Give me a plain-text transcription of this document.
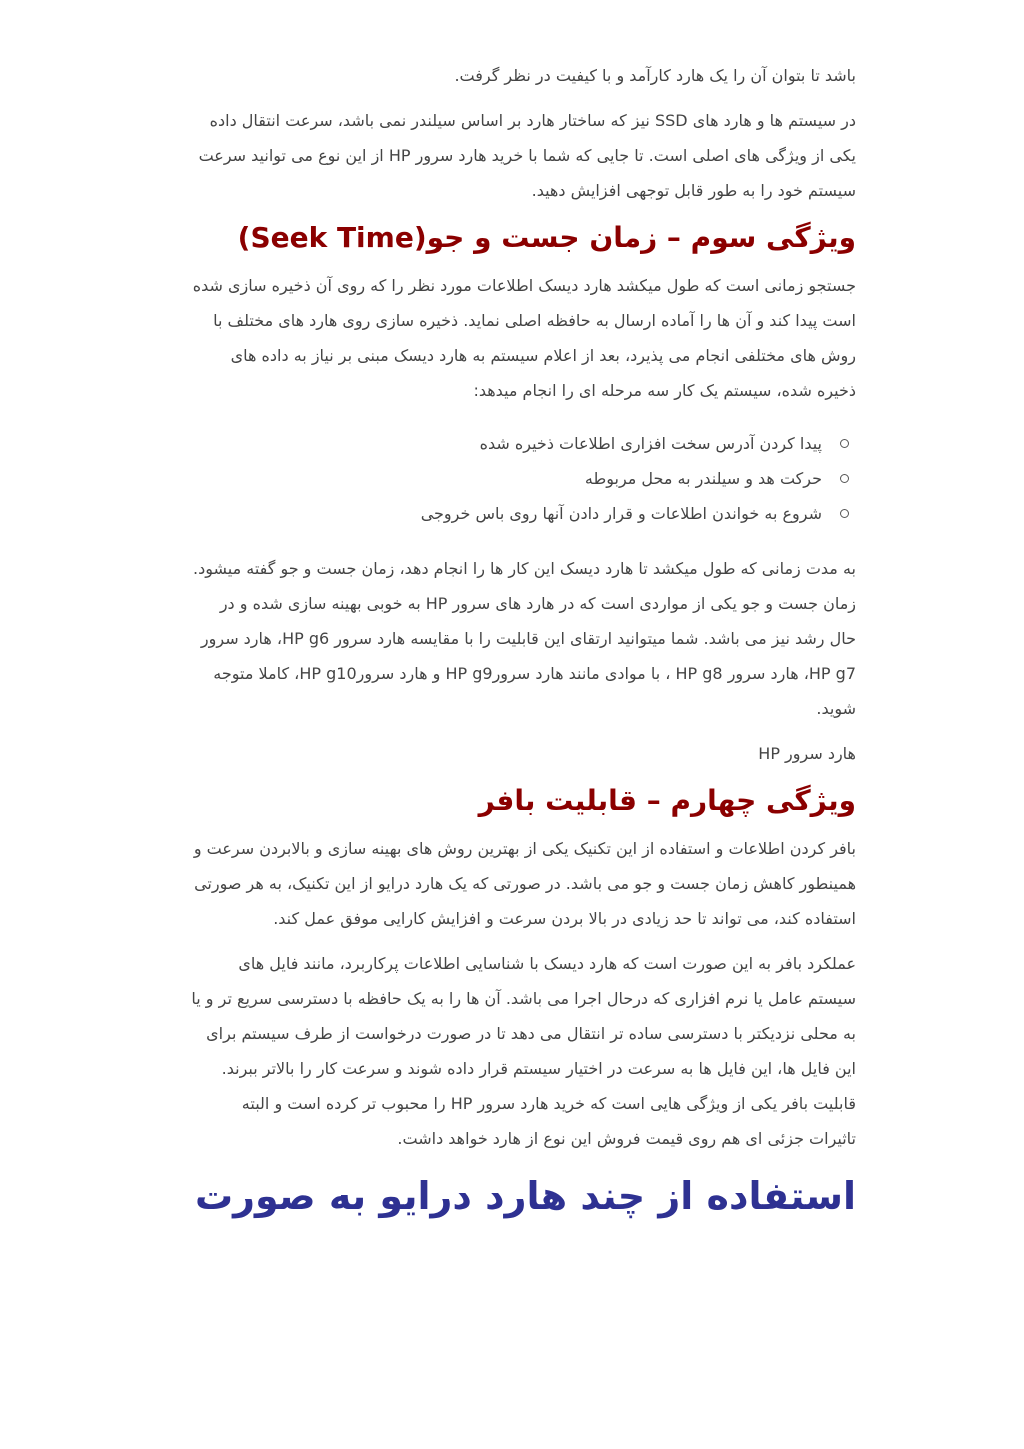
باشد تا بتوان آن را یک هارد کارآمد و با کیفیت در نظر گرفت.

در سیستم ها و هارد های SSD نیز که ساختار هارد بر اساس سیلندر نمی باشد، سرعت انتقال داده یکی از ویژگی های اصلی است. تا جایی که شما با خرید هارد سرور HP از این نوع می توانید سرعت سیستم خود را به طور قابل توجهی افزایش دهید.

ویژگی سوم – زمان جست و جو(Seek Time)

جستجو زمانی است که طول میکشد هارد دیسک اطلاعات مورد نظر را که روی آن ذخیره سازی شده است پیدا کند و آن ها را آماده ارسال به حافظه اصلی نماید. ذخیره سازی روی هارد های مختلف با روش های مختلفی انجام می پذیرد، بعد از اعلام سیستم به هارد دیسک مبنی بر نیاز به داده های ذخیره شده، سیستم یک کار سه مرحله ای را انجام میدهد:

پیدا کردن آدرس سخت افزاری اطلاعات ذخیره شده
حرکت هد و سیلندر به محل مربوطه
شروع به خواندن اطلاعات و قرار دادن آنها روی باس خروجی

به مدت زمانی که طول میکشد تا هارد دیسک این کار ها را انجام دهد، زمان جست و جو گفته میشود. زمان جست و جو یکی از مواردی است که در هارد های سرور HP به خوبی بهینه سازی شده و در حال رشد نیز می باشد. شما میتوانید ارتقای این قابلیت را با مقایسه هارد سرور HP g6، هارد سرور HP g7، هارد سرور HP g8 ، با موادی مانند هارد سرورHP g9 و هارد سرورHP g10، کاملا متوجه شوید.

هارد سرور HP

ویژگی چهارم – قابلیت بافر

بافر کردن اطلاعات و استفاده از این تکنیک یکی از بهترین روش های بهینه سازی و بالابردن سرعت و همینطور کاهش زمان جست و جو می باشد. در صورتی که یک هارد درایو از این تکنیک، به هر صورتی استفاده کند، می تواند تا حد زیادی در بالا بردن سرعت و افزایش کارایی موفق عمل کند.

عملکرد بافر به این صورت است که هارد دیسک با شناسایی اطلاعات پرکاربرد، مانند فایل های سیستم عامل یا نرم افزاری که درحال اجرا می باشد. آن ها را به یک حافظه با دسترسی سریع تر و یا به محلی نزدیکتر با دسترسی ساده تر انتقال می دهد تا در صورت درخواست از طرف سیستم برای این فایل ها، این فایل ها به سرعت در اختیار سیستم قرار داده شوند و سرعت کار را بالاتر ببرند. قابلیت بافر یکی از ویژگی هایی است که خرید هارد سرور HP را محبوب تر کرده است و البته تاثیرات جزئی ای هم روی قیمت فروش این نوع از هارد خواهد داشت.

استفاده از چند هارد درایو به صورت
